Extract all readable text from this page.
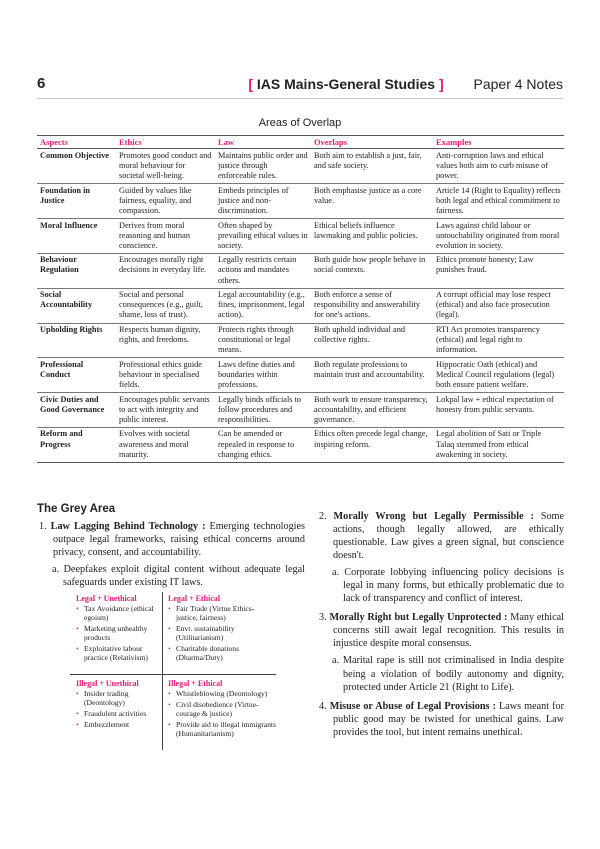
6	[ IAS Mains-General Studies ] Paper 4 Notes
Areas of Overlap
Aspects	Ethics	Law	Overlaps	Examples
Common Objective	Promotes good conduct and moral behaviour for societal well-being.	Maintains public order and justice through enforceable rules.	Both aim to establish a just, fair, and safe society.	Anti-corruption laws and ethical values both aim to curb misuse of power.
Foundation in Justice	Guided by values like fairness, equality, and compassion.	Embeds principles of justice and non-discrimination.	Both emphasise justice as a core value.	Article 14 (Right to Equality) reflects both legal and ethical commitment to fairness.
Moral Influence	Derives from moral reasoning and human conscience.	Often shaped by prevailing ethical values in society.	Ethical beliefs influence lawmaking and public policies.	Laws against child labour or untouchability originated from moral evolution in society.
Behaviour Regulation	Encourages morally right decisions in everyday life.	Legally restricts certain actions and mandates others.	Both guide how people behave in social contexts.	Ethics promote honesty; Law punishes fraud.
Social Accountability	Social and personal consequences (e.g., guilt, shame, loss of trust).	Legal accountability (e.g., fines, imprisonment, legal action).	Both enforce a sense of responsibility and answerability for one's actions.	A corrupt official may lose respect (ethical) and also face prosecution (legal).
Upholding Rights	Respects human dignity, rights, and freedoms.	Protects rights through constitutional or legal means.	Both uphold individual and collective rights.	RTI Act promotes transparency (ethical) and legal right to information.
Professional Conduct	Professional ethics guide behaviour in specialised fields.	Laws define duties and boundaries within professions.	Both regulate professions to maintain trust and accountability.	Hippocratic Oath (ethical) and Medical Council regulations (legal) both ensure patient welfare.
Civic Duties and Good Governance	Encourages public servants to act with integrity and public interest.	Legally binds officials to follow procedures and responsibilities.	Both work to ensure transparency, accountability, and efficient governance.	Lokpal law + ethical expectation of honesty from public servants.
Reform and Progress	Evolves with societal awareness and moral maturity.	Can be amended or repealed in response to changing ethics.	Ethics often precede legal change, inspiring reform.	Legal abolition of Sati or Triple Talaq stemmed from ethical awakening in society.
The Grey Area
1. Law Lagging Behind Technology : Emerging technologies outpace legal frameworks, raising ethical concerns around privacy, consent, and accountability.
a. Deepfakes exploit digital content without adequate legal safeguards under existing IT laws.
Legal + Unethical
• Tax Avoidance (ethical egoism)
• Marketing unhealthy products
• Exploitative labour practice (Relativism)
Legal + Ethical
• Fair Trade (Virtue Ethics- justice, fairness)
• Envt. sustainability (Utilitarianism)
• Charitable donations (Dharma/Duty)
Illegal + Unethical
• Insider trading (Deontology)
• Fraudulent activities
• Embezzlement
Illegal + Ethical
• Whistleblowing (Deontology)
• Civil disobedience (Virtue- courage & justice)
• Provide aid to illegal immigrants (Humanitarianism)
2. Morally Wrong but Legally Permissible : Some actions, though legally allowed, are ethically questionable. Law gives a green signal, but conscience doesn't.
a. Corporate lobbying influencing policy decisions is legal in many forms, but ethically problematic due to lack of transparency and conflict of interest.
3. Morally Right but Legally Unprotected : Many ethical concerns still await legal recognition. This results in injustice despite moral consensus.
a. Marital rape is still not criminalised in India despite being a violation of bodily autonomy and dignity, protected under Article 21 (Right to Life).
4. Misuse or Abuse of Legal Provisions : Laws meant for public good may be twisted for unethical gains. Law provides the tool, but intent remains unethical.
